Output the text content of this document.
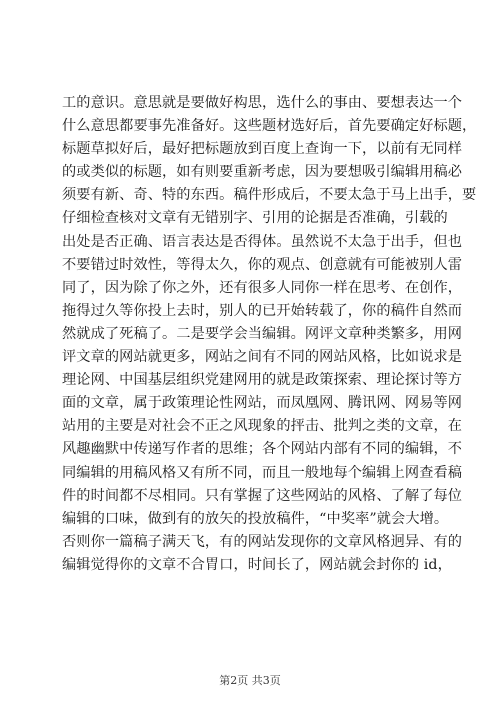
工的意识。意思就是要做好构思，选什么的事由、要想表达一个
什么意思都要事先准备好。这些题材选好后，首先要确定好标题，
标题草拟好后，最好把标题放到百度上查询一下，以前有无同样
的或类似的标题，如有则要重新考虑，因为要想吸引编辑用稿必
须要有新、奇、特的东西。稿件形成后，不要太急于马上出手，要
仔细检查核对文章有无错别字、引用的论据是否准确，引载的
出处是否正确、语言表达是否得体。虽然说不太急于出手，但也
不要错过时效性，等得太久，你的观点、创意就有可能被别人雷
同了，因为除了你之外，还有很多人同你一样在思考、在创作，
拖得过久等你投上去时，别人的已开始转载了，你的稿件自然而
然就成了死稿了。二是要学会当编辑。网评文章种类繁多，用网
评文章的网站就更多，网站之间有不同的网站风格，比如说求是
理论网、中国基层组织党建网用的就是政策探索、理论探讨等方
面的文章，属于政策理论性网站，而凤凰网、腾讯网、网易等网
站用的主要是对社会不正之风现象的抨击、批判之类的文章，在
风趣幽默中传递写作者的思维；各个网站内部有不同的编辑，不
同编辑的用稿风格又有所不同，而且一般地每个编辑上网查看稿
件的时间都不尽相同。只有掌握了这些网站的风格、了解了每位
编辑的口味，做到有的放矢的投放稿件，“中奖率”就会大增。
否则你一篇稿子满天飞，有的网站发现你的文章风格迥异、有的
编辑觉得你的文章不合胃口，时间长了，网站就会封你的 id，
第2页 共3页
